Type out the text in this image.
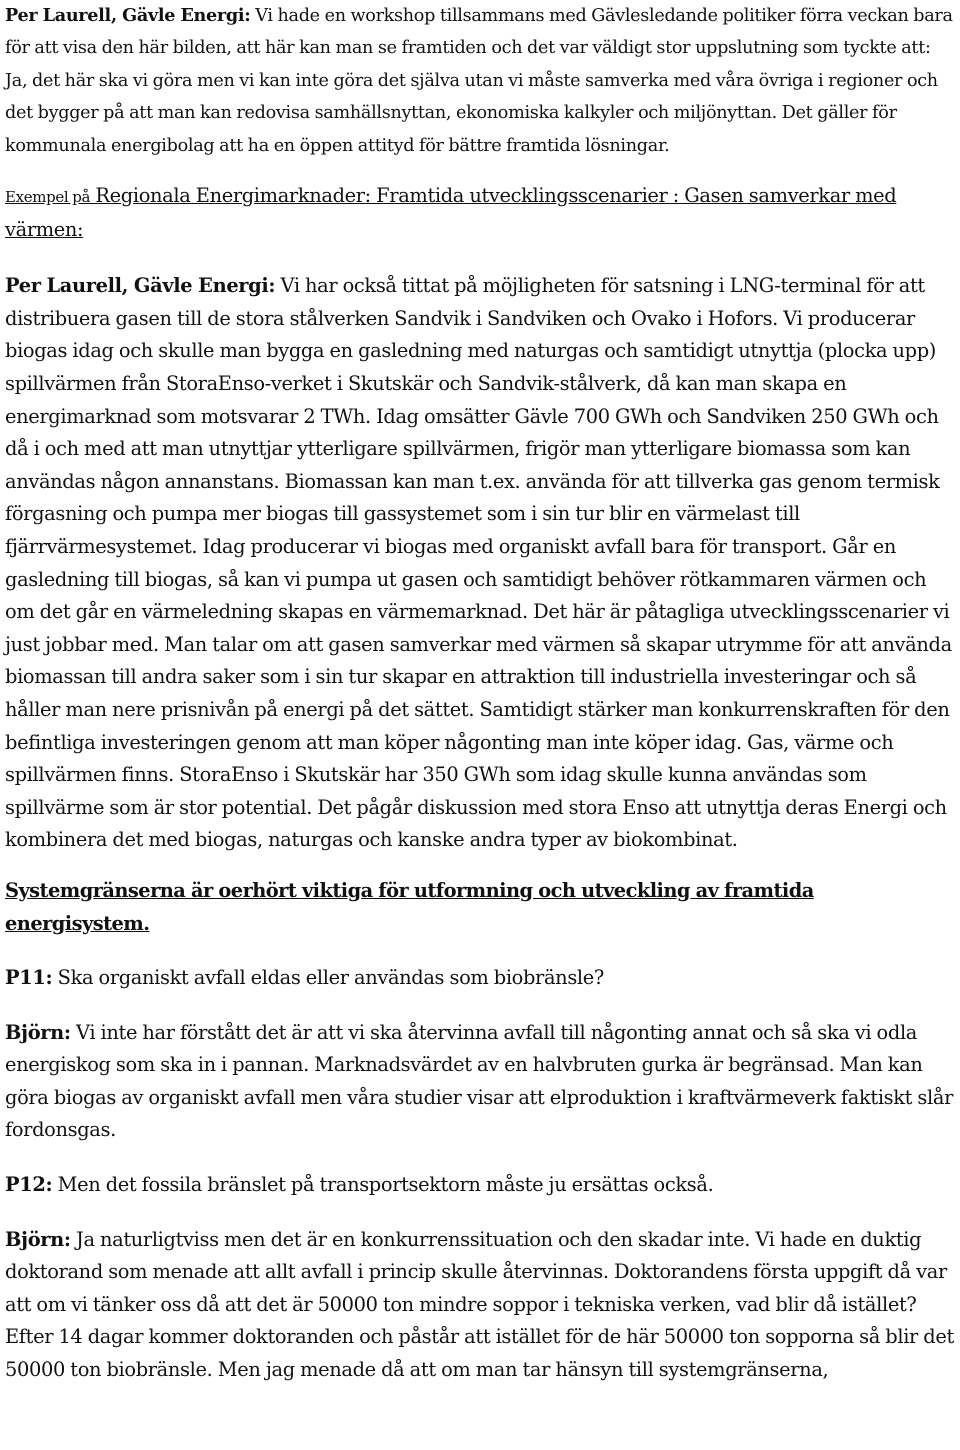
Per Laurell, Gävle Energi: Vi hade en workshop tillsammans med Gävlesledande politiker förra veckan bara för att visa den här bilden, att här kan man se framtiden och det var väldigt stor uppslutning som tyckte att: Ja, det här ska vi göra men vi kan inte göra det själva utan vi måste samverka med våra övriga i regioner och det bygger på att man kan redovisa samhällsnyttan, ekonomiska kalkyler och miljönyttan. Det gäller för kommunala energibolag att ha en öppen attityd för bättre framtida lösningar.

Exempel på Regionala Energimarknader: Framtida utvecklingsscenarier : Gasen samverkar med värmen:

Per Laurell, Gävle Energi: Vi har också tittat på möjligheten för satsning i LNG-terminal för att distribuera gasen till de stora stålverken Sandvik i Sandviken och Ovako i Hofors. Vi producerar biogas idag och skulle man bygga en gasledning med naturgas och samtidigt utnyttja (plocka upp) spillvärmen från StoraEnso-verket i Skutskär och Sandvik-stålverk, då kan man skapa en energimarknad som motsvarar 2 TWh. Idag omsätter Gävle 700 GWh och Sandviken 250 GWh och då i och med att man utnyttjar ytterligare spillvärmen, frigör man ytterligare biomassa som kan användas någon annanstans. Biomassan kan man t.ex. använda för att tillverka gas genom termisk förgasning och pumpa mer biogas till gassystemet som i sin tur blir en värmelast till fjärrvärmesystemet. Idag producerar vi biogas med organiskt avfall bara för transport. Går en gasledning till biogas, så kan vi pumpa ut gasen och samtidigt behöver rötkammaren värmen och om det går en värmeledning skapas en värmemarknad. Det här är påtagliga utvecklingsscenarier vi just jobbar med. Man talar om att gasen samverkar med värmen så skapar utrymme för att använda biomassan till andra saker som i sin tur skapar en attraktion till industriella investeringar och så håller man nere prisnivån på energi på det sättet. Samtidigt stärker man konkurrenskraften för den befintliga investeringen genom att man köper någonting man inte köper idag. Gas, värme och spillvärmen finns. StoraEnso i Skutskär har 350 GWh som idag skulle kunna användas som spillvärme som är stor potential. Det pågår diskussion med stora Enso att utnyttja deras Energi och kombinera det med biogas, naturgas och kanske andra typer av biokombinat.

Systemgränserna är oerhört viktiga för utformning och utveckling av framtida energisystem.

P11: Ska organiskt avfall eldas eller användas som biobränsle?

Björn: Vi inte har förstått det är att vi ska återvinna avfall till någonting annat och så ska vi odla energiskog som ska in i pannan. Marknadsvärdet av en halvbruten gurka är begränsad. Man kan göra biogas av organiskt avfall men våra studier visar att elproduktion i kraftvärmeverk faktiskt slår fordonsgas.

P12: Men det fossila bränslet på transportsektorn måste ju ersättas också.

Björn: Ja naturligtviss men det är en konkurrenssituation och den skadar inte. Vi hade en duktig doktorand som menade att allt avfall i princip skulle återvinnas. Doktorandens första uppgift då var att om vi tänker oss då att det är 50000 ton mindre soppor i tekniska verken, vad blir då istället? Efter 14 dagar kommer doktoranden och påstår att istället för de här 50000 ton sopporna så blir det 50000 ton biobränsle. Men jag menade då att om man tar hänsyn till systemgränserna,
